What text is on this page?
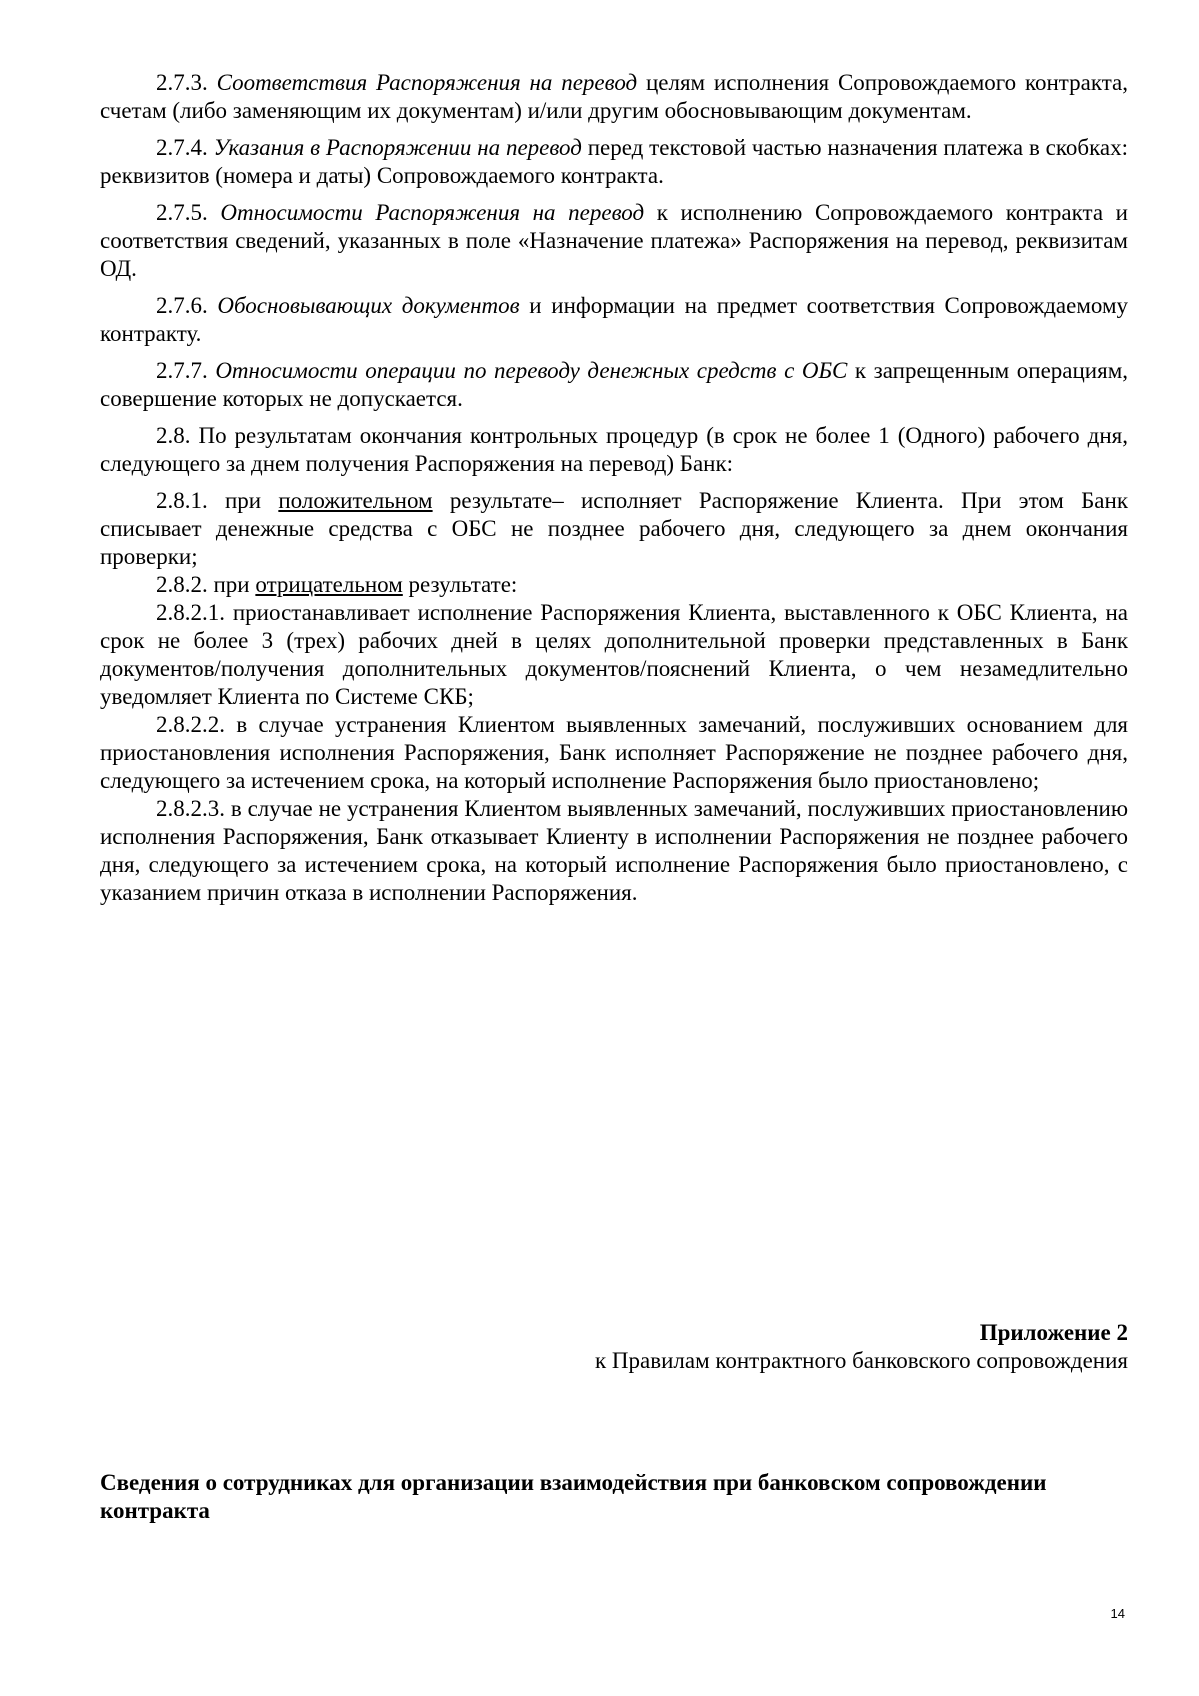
2.7.3. Соответствия Распоряжения на перевод целям исполнения Сопровождаемого контракта, счетам (либо заменяющим их документам) и/или другим обосновывающим документам.

2.7.4. Указания в Распоряжении на перевод перед текстовой частью назначения платежа в скобках: реквизитов (номера и даты) Сопровождаемого контракта.

2.7.5. Относимости Распоряжения на перевод к исполнению Сопровождаемого контракта и соответствия сведений, указанных в поле «Назначение платежа» Распоряжения на перевод, реквизитам ОД.

2.7.6. Обосновывающих документов и информации на предмет соответствия Сопровождаемому контракту.

2.7.7. Относимости операции по переводу денежных средств с ОБС к запрещенным операциям, совершение которых не допускается.

2.8. По результатам окончания контрольных процедур (в срок не более 1 (Одного) рабочего дня, следующего за днем получения Распоряжения на перевод) Банк:

2.8.1. при положительном результате– исполняет Распоряжение Клиента. При этом Банк списывает денежные средства с ОБС не позднее рабочего дня, следующего за днем окончания проверки;

2.8.2. при отрицательном результате:

2.8.2.1. приостанавливает исполнение Распоряжения Клиента, выставленного к ОБС Клиента, на срок не более 3 (трех) рабочих дней в целях дополнительной проверки представленных в Банк документов/получения дополнительных документов/пояснений Клиента, о чем незамедлительно уведомляет Клиента по Системе СКБ;

2.8.2.2. в случае устранения Клиентом выявленных замечаний, послуживших основанием для приостановления исполнения Распоряжения, Банк исполняет Распоряжение не позднее рабочего дня, следующего за истечением срока, на который исполнение Распоряжения было приостановлено;

2.8.2.3. в случае не устранения Клиентом выявленных замечаний, послуживших приостановлению исполнения Распоряжения, Банк отказывает Клиенту в исполнении Распоряжения не позднее рабочего дня, следующего за истечением срока, на который исполнение Распоряжения было приостановлено, с указанием причин отказа в исполнении Распоряжения.

Приложение 2
к Правилам контрактного банковского сопровождения
Сведения о сотрудниках для организации взаимодействия при банковском сопровождении контракта
14
